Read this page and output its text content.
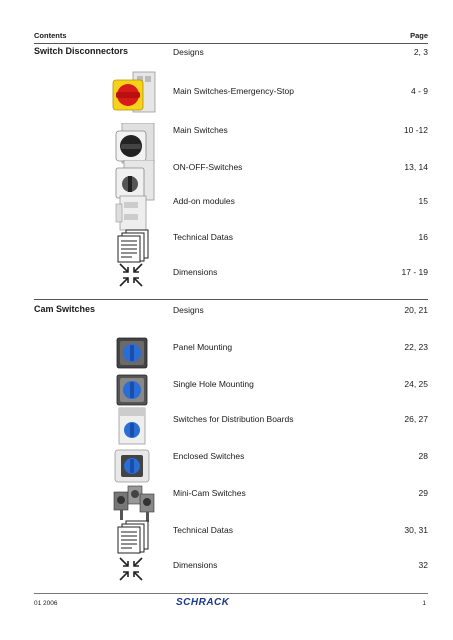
Contents	Page
Switch Disconnectors	Designs	2, 3
Main Switches-Emergency-Stop	4 - 9
Main Switches	10 -12
ON-OFF-Switches	13, 14
Add-on modules	15
Technical Datas	16
Dimensions	17 - 19
Cam Switches	Designs	20, 21
Panel Mounting	22, 23
Single Hole Mounting	24, 25
Switches for Distribution Boards	26, 27
Enclosed Switches	28
Mini-Cam Switches	29
Technical Datas	30, 31
Dimensions	32
01 2006	SCHRACK	1
